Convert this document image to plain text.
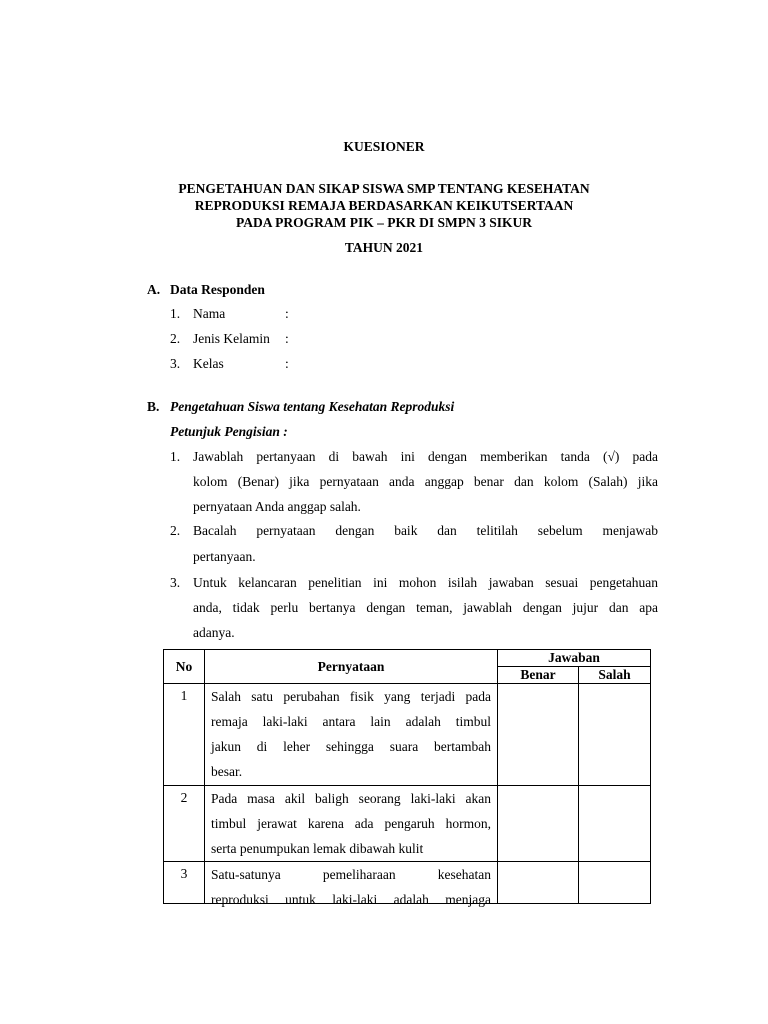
KUESIONER
PENGETAHUAN DAN SIKAP SISWA SMP TENTANG KESEHATAN
REPRODUKSI REMAJA BERDASARKAN KEIKUTSERTAAN
PADA PROGRAM PIK – PKR DI SMPN 3 SIKUR
TAHUN 2021
A. Data Responden
1. Nama	:
2. Jenis Kelamin :
3. Kelas	:
B. Pengetahuan Siswa tentang Kesehatan Reproduksi
Petunjuk Pengisian :
1. Jawablah pertanyaan di bawah ini dengan memberikan tanda (√) pada
kolom (Benar) jika pernyataan anda anggap benar dan kolom (Salah) jika
pernyataan Anda anggap salah.
2. Bacalah pernyataan dengan baik dan telitilah sebelum menjawab
pertanyaan.
3. Untuk kelancaran penelitian ini mohon isilah jawaban sesuai pengetahuan
anda, tidak perlu bertanya dengan teman, jawablah dengan jujur dan apa
adanya.
No	Pernyataan	Jawaban	
		Benar	Salah
1	Salah satu perubahan fisik yang terjadi pada
remaja laki-laki antara lain adalah timbul
jakun di leher sehingga suara bertambah
besar.		

2	Pada masa akil baligh seorang laki-laki akan
timbul jerawat karena ada pengaruh hormon,
serta penumpukan lemak dibawah kulit		

3	Satu-satunya pemeliharaan kesehatan
reproduksi untuk laki-laki adalah menjaga		
